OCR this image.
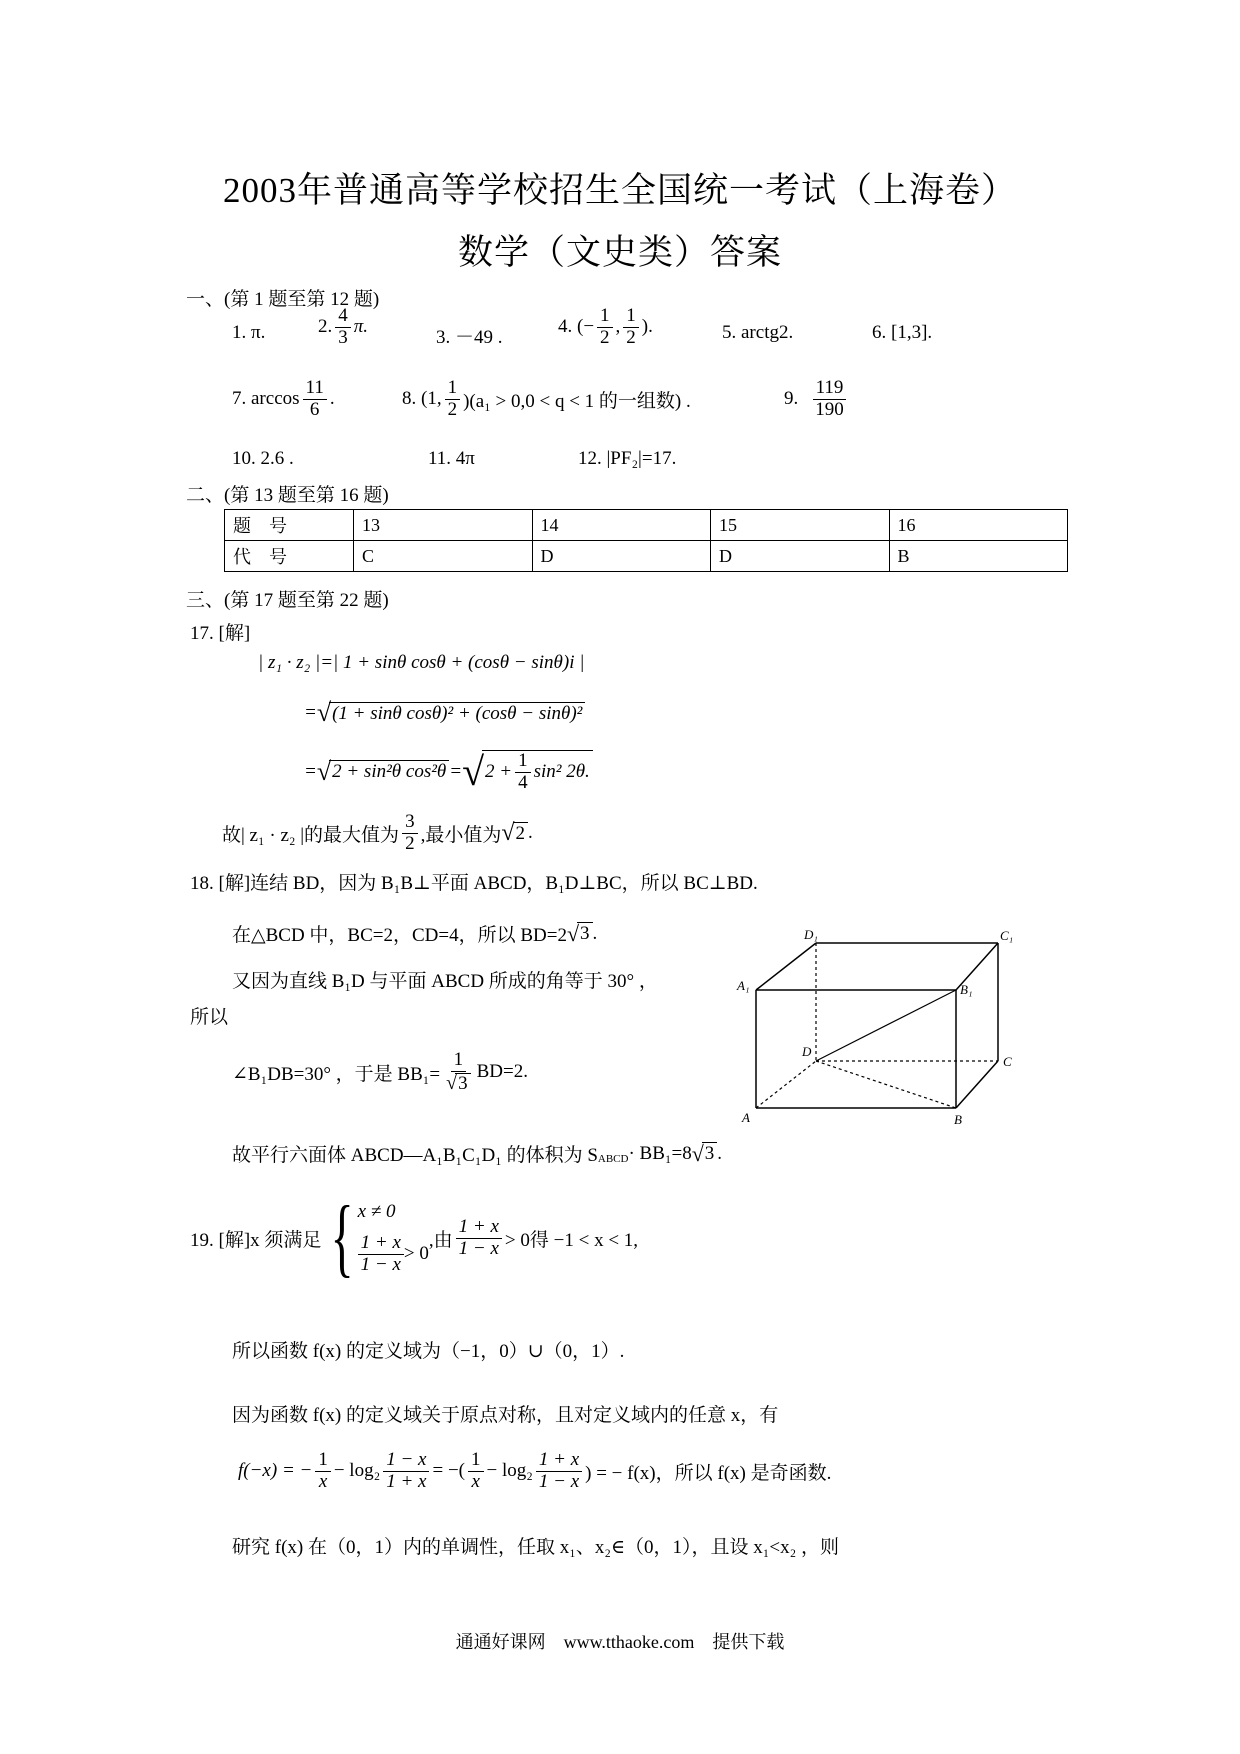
2003年普通高等学校招生全国统一考试（上海卷）
数学（文史类）答案
一、(第 1 题至第 12 题)
1. π.	2. $\frac{4}{3} \pi$.
3. －49 .
4. (− $\frac{1}{2}$ , $\frac{1}{2}$ ).	5. arctg2.	6. [1,3].
7. $\arccos \frac{11}{6}$ .	8. (1, $\frac{1}{2} )(a_1 > 0,0 < q < 1$ 的一组数) .	9. $\frac{119}{190}$
10. 2.6 .	11. 4π	12. |PF₂|=17.
二、(第 13 题至第 16 题)
题　号	13	14	15	16
代　号	C	D	D	B
三、(第 17 题至第 22 题)
17. [解]
| z₁ · z₂ |=| 1 + sinθ cosθ + (cosθ − sinθ)i |
= √ (1 + sinθ cosθ)² + (cosθ − sinθ)²
= √ 2 + sin²θ cos²θ = √ $2 + \frac{1}{4} \sin^2$ 2θ.
故| z₁ · z₂ |的最大值为 $\frac{3}{2}$ ,最小值为 √ 2 .
18. [解]连结 BD，因为 B₁B⊥平面 ABCD，B₁D⊥BC，所以 BC⊥BD.
在△BCD 中，BC=2，CD=4，所以 BD=2 √ 3 .
又因为直线 B₁D 与平面 ABCD 所成的角等于 30° ，
所以
∠B₁DB=30° ，于是 $BB_1= \frac{1}{√3} BD=2$.
故平行六面体 ABCD—A₁B₁C₁D₁ 的体积为 S ABCD · BB₁=8 √ 3 .
A	B
C
D
A₁	B₁
C₁
D₁
19. [解]x 须满足 { x ≠ 0
$\frac{1 + x}{1 - x} > 0$
,由 $\frac{1 + x}{1 - x} > 0$得 −1 < x < 1,
所以函数 f(x) 的定义域为（−1，0）∪（0，1）.
因为函数 f(x) 的定义域关于原点对称，且对定义域内的任意 x，有
f(−x) = − $\frac{1}{x} - \log_2 \frac{1 - x}{1 + x}$ = −( $\frac{1}{x} - \log_2 \frac{1 + x}{1 - x}$ ) = − f(x)，所以 f(x) 是奇函数.
研究 f(x) 在（0，1）内的单调性，任取 x₁、x₂∈（0，1），且设 x₁<x₂ ，则
通通好课网　www.tthaoke.com　提供下载
